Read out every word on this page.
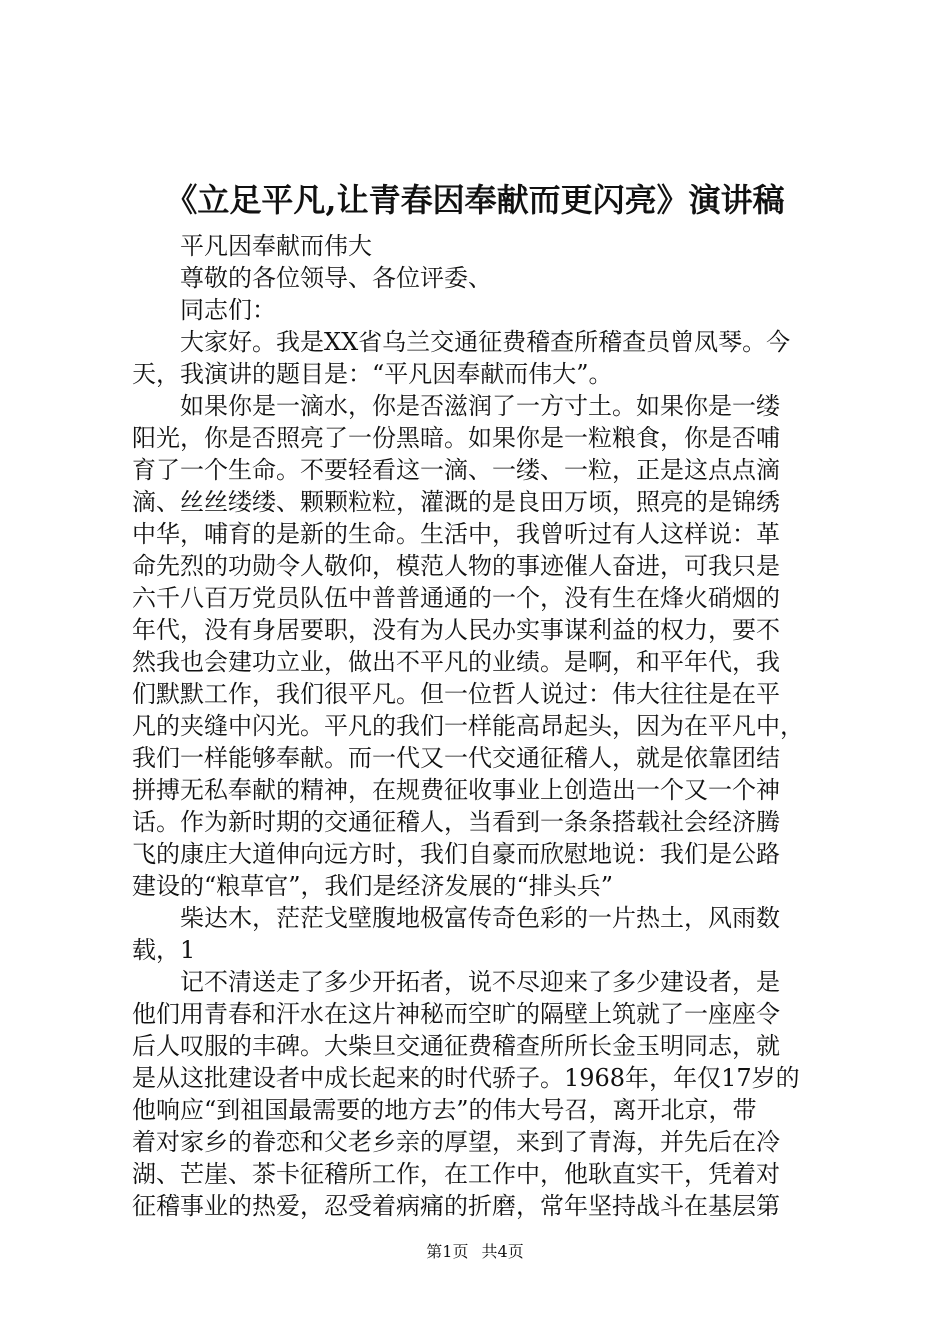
《立足平凡,让青春因奉献而更闪亮》演讲稿
平凡因奉献而伟大
尊敬的各位领导、各位评委、
同志们：
大家好。我是XX省乌兰交通征费稽查所稽查员曾凤琴。今
天，我演讲的题目是：“平凡因奉献而伟大”。
如果你是一滴水，你是否滋润了一方寸土。如果你是一缕
阳光，你是否照亮了一份黑暗。如果你是一粒粮食，你是否哺
育了一个生命。不要轻看这一滴、一缕、一粒，正是这点点滴
滴、丝丝缕缕、颗颗粒粒，灌溉的是良田万顷，照亮的是锦绣
中华，哺育的是新的生命。生活中，我曾听过有人这样说：革
命先烈的功勋令人敬仰，模范人物的事迹催人奋进，可我只是
六千八百万党员队伍中普普通通的一个，没有生在烽火硝烟的
年代，没有身居要职，没有为人民办实事谋利益的权力，要不
然我也会建功立业，做出不平凡的业绩。是啊，和平年代，我
们默默工作，我们很平凡。但一位哲人说过：伟大往往是在平
凡的夹缝中闪光。平凡的我们一样能高昂起头，因为在平凡中，
我们一样能够奉献。而一代又一代交通征稽人，就是依靠团结
拼搏无私奉献的精神，在规费征收事业上创造出一个又一个神
话。作为新时期的交通征稽人，当看到一条条搭载社会经济腾
飞的康庄大道伸向远方时，我们自豪而欣慰地说：我们是公路
建设的“粮草官”，我们是经济发展的“排头兵”
柴达木，茫茫戈壁腹地极富传奇色彩的一片热土，风雨数
载，1
记不清送走了多少开拓者，说不尽迎来了多少建设者，是
他们用青春和汗水在这片神秘而空旷的隔壁上筑就了一座座令
后人叹服的丰碑。大柴旦交通征费稽查所所长金玉明同志，就
是从这批建设者中成长起来的时代骄子。1968年，年仅17岁的
他响应“到祖国最需要的地方去”的伟大号召，离开北京，带
着对家乡的眷恋和父老乡亲的厚望，来到了青海，并先后在冷
湖、芒崖、茶卡征稽所工作，在工作中，他耿直实干，凭着对
征稽事业的热爱，忍受着病痛的折磨，常年坚持战斗在基层第
第1页 共4页
